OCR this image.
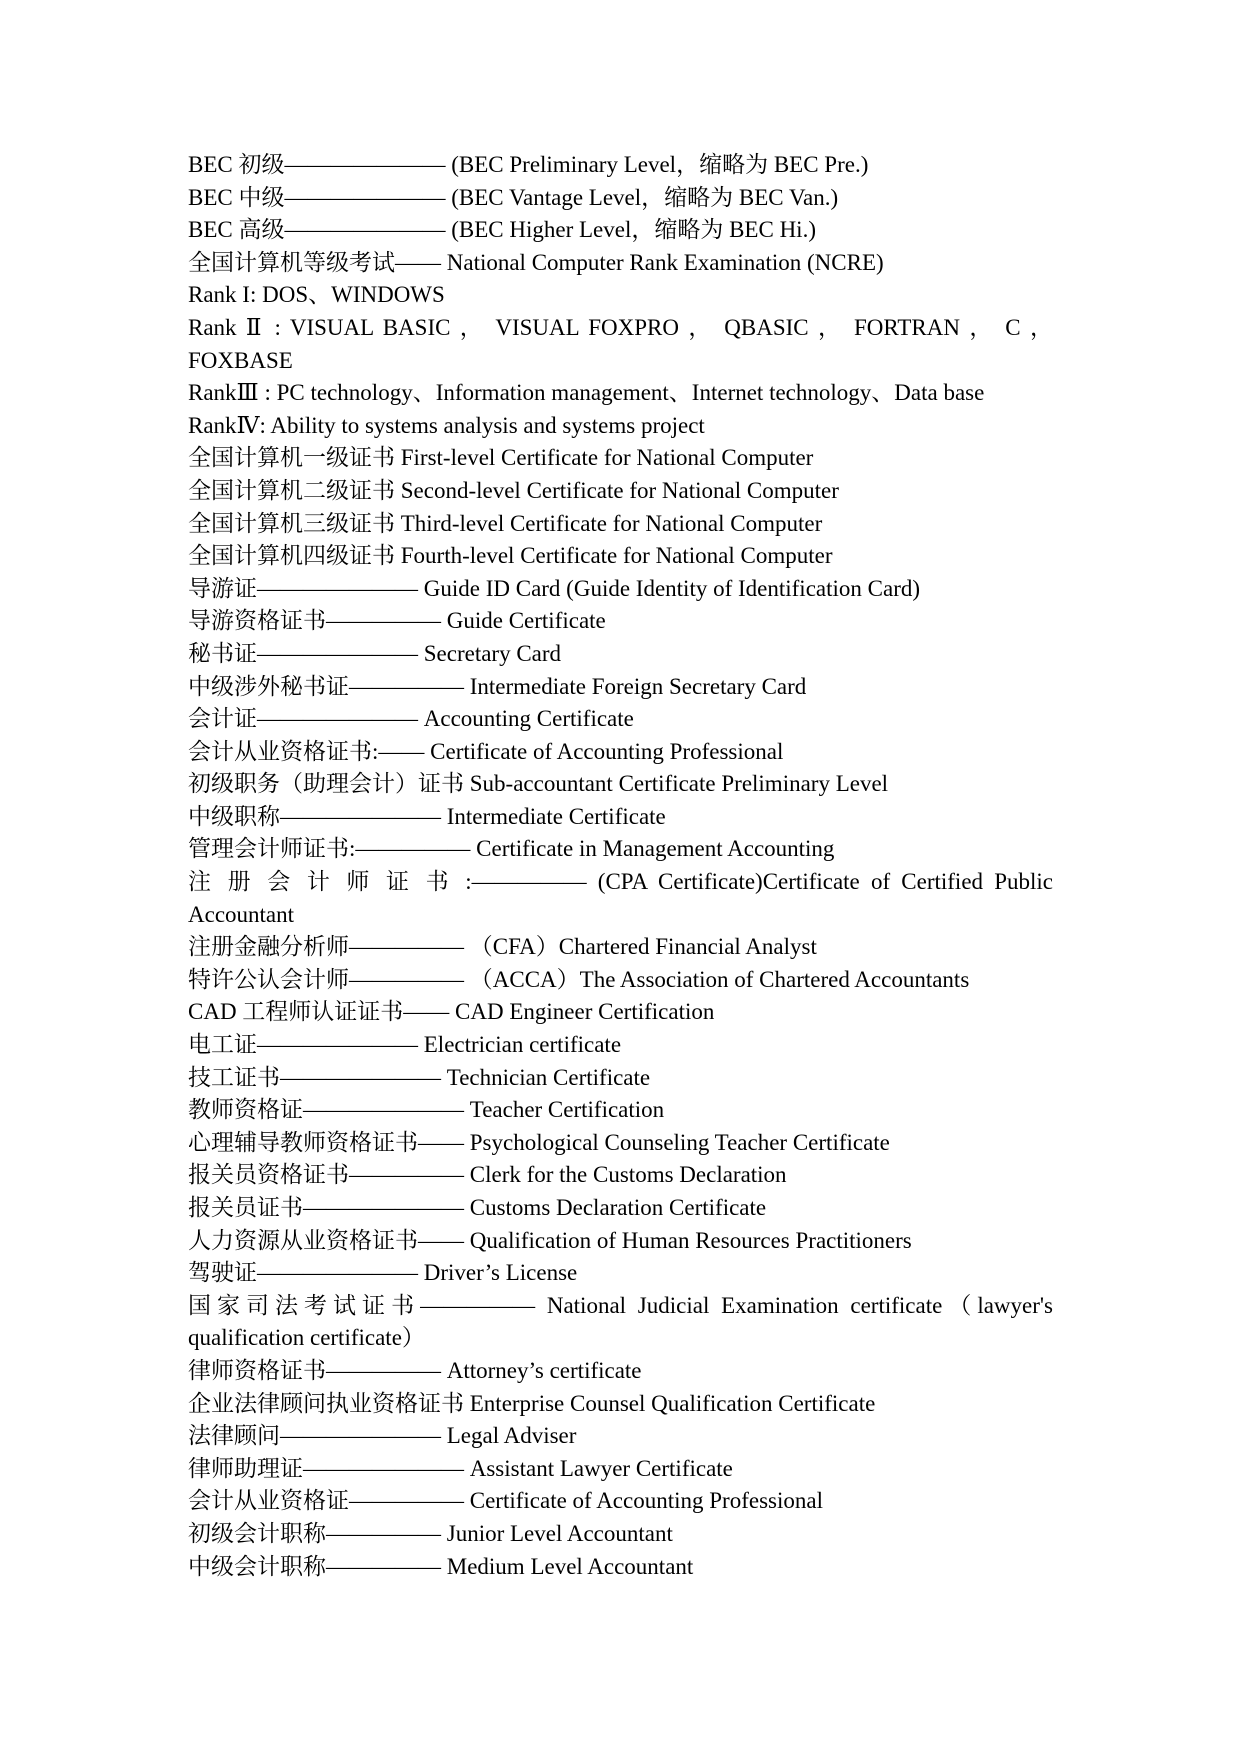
BEC 初级——————— (BEC Preliminary Level，缩略为 BEC Pre.)
BEC 中级——————— (BEC Vantage Level，缩略为 BEC Van.)
BEC 高级——————— (BEC Higher Level，缩略为 BEC Hi.)
全国计算机等级考试—— National Computer Rank Examination (NCRE)
Rank I: DOS、WINDOWS
Rank Ⅱ : VISUAL BASIC ， VISUAL FOXPRO ， QBASIC ， FORTRAN ， C ，
FOXBASE
RankⅢ : PC technology、Information management、Internet technology、Data base
RankⅣ: Ability to systems analysis and systems project
全国计算机一级证书 First-level Certificate for National Computer
全国计算机二级证书 Second-level Certificate for National Computer
全国计算机三级证书 Third-level Certificate for National Computer
全国计算机四级证书 Fourth-level Certificate for National Computer
导游证——————— Guide ID Card (Guide Identity of Identification Card)
导游资格证书————— Guide Certificate
秘书证——————— Secretary Card
中级涉外秘书证————— Intermediate Foreign Secretary Card
会计证——————— Accounting Certificate
会计从业资格证书:—— Certificate of Accounting Professional
初级职务（助理会计）证书 Sub-accountant Certificate Preliminary Level
中级职称——————— Intermediate Certificate
管理会计师证书:————— Certificate in Management Accounting
注 册 会 计 师 证 书 :————— (CPA Certificate)Certificate of Certified Public
Accountant
注册金融分析师————— （CFA）Chartered Financial Analyst
特许公认会计师————— （ACCA）The Association of Chartered Accountants
CAD 工程师认证证书—— CAD Engineer Certification
电工证——————— Electrician certificate
技工证书——————— Technician Certificate
教师资格证——————— Teacher Certification
心理辅导教师资格证书—— Psychological Counseling Teacher Certificate
报关员资格证书————— Clerk for the Customs Declaration
报关员证书——————— Customs Declaration Certificate
人力资源从业资格证书—— Qualification of Human Resources Practitioners
驾驶证——————— Driver’s License
国家司法考试证书————— National Judicial Examination certificate（lawyer's
qualification certificate）
律师资格证书————— Attorney’s certificate
企业法律顾问执业资格证书 Enterprise Counsel Qualification Certificate
法律顾问——————— Legal Adviser
律师助理证——————— Assistant Lawyer Certificate
会计从业资格证————— Certificate of Accounting Professional
初级会计职称————— Junior Level Accountant
中级会计职称————— Medium Level Accountant
